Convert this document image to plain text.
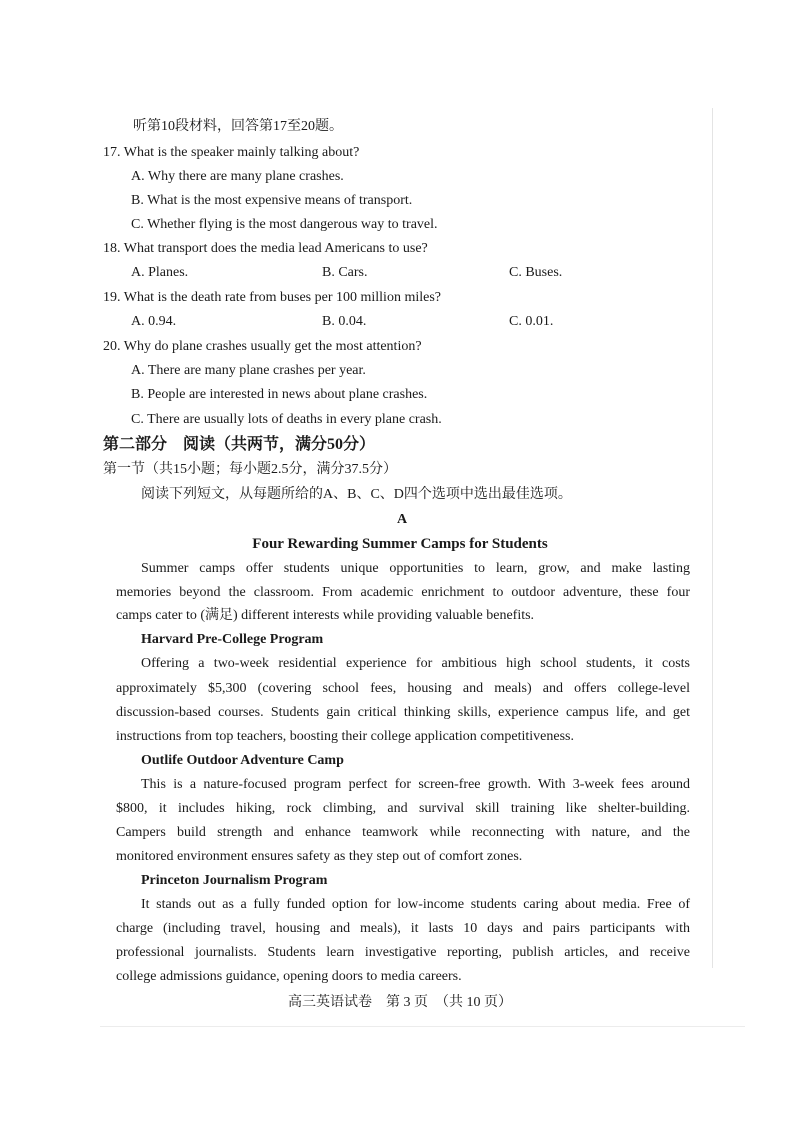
听第10段材料，回答第17至20题。
17. What is the speaker mainly talking about?
A. Why there are many plane crashes.
B. What is the most expensive means of transport.
C. Whether flying is the most dangerous way to travel.
18. What transport does the media lead Americans to use?
A. Planes.	B. Cars.	C. Buses.
19. What is the death rate from buses per 100 million miles?
A. 0.94.	B. 0.04.	C. 0.01.
20. Why do plane crashes usually get the most attention?
A. There are many plane crashes per year.
B. People are interested in news about plane crashes.
C. There are usually lots of deaths in every plane crash.
第二部分　阅读（共两节，满分50分）
第一节（共15小题；每小题2.5分，满分37.5分）
阅读下列短文，从每题所给的A、B、C、D四个选项中选出最佳选项。
A
Four Rewarding Summer Camps for Students
Summer camps offer students unique opportunities to learn, grow, and make lasting
memories beyond the classroom. From academic enrichment to outdoor adventure, these four
camps cater to (满足) different interests while providing valuable benefits.
Harvard Pre-College Program
Offering a two-week residential experience for ambitious high school students, it costs
approximately $5,300 (covering school fees, housing and meals) and offers college-level
discussion-based courses. Students gain critical thinking skills, experience campus life, and get
instructions from top teachers, boosting their college application competitiveness.
Outlife Outdoor Adventure Camp
This is a nature-focused program perfect for screen-free growth. With 3-week fees around
$800, it includes hiking, rock climbing, and survival skill training like shelter-building.
Campers build strength and enhance teamwork while reconnecting with nature, and the
monitored environment ensures safety as they step out of comfort zones.
Princeton Journalism Program
It stands out as a fully funded option for low-income students caring about media. Free of
charge (including travel, housing and meals), it lasts 10 days and pairs participants with
professional journalists. Students learn investigative reporting, publish articles, and receive
college admissions guidance, opening doors to media careers.
高三英语试卷　第 3 页　（共 10 页）
